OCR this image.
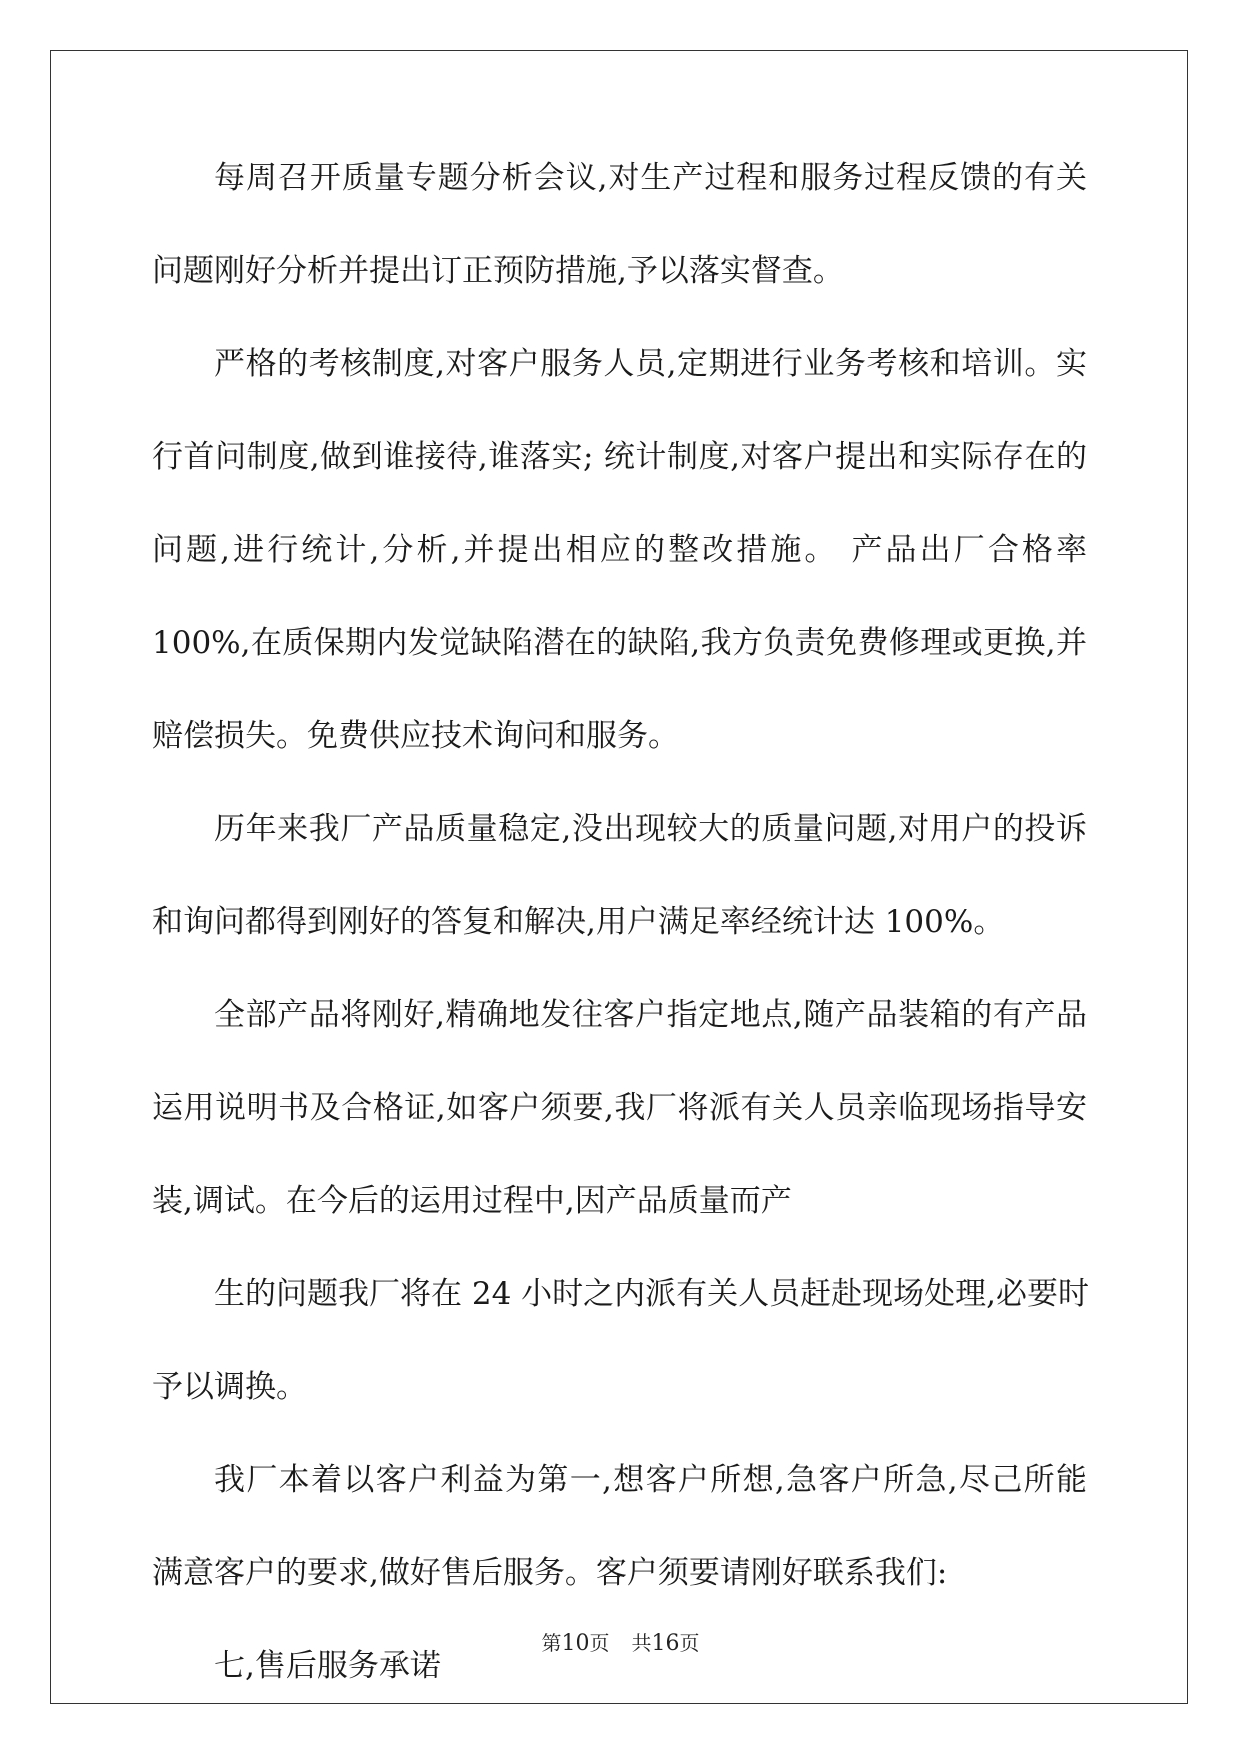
每周召开质量专题分析会议,对生产过程和服务过程反馈的有关
问题刚好分析并提出订正预防措施,予以落实督查。
严格的考核制度,对客户服务人员,定期进行业务考核和培训。实
行首问制度,做到谁接待,谁落实; 统计制度,对客户提出和实际存在的
问题,进行统计,分析,并提出相应的整改措施。 产品出厂合格率
100%,在质保期内发觉缺陷潜在的缺陷,我方负责免费修理或更换,并
赔偿损失。免费供应技术询问和服务。
历年来我厂产品质量稳定,没出现较大的质量问题,对用户的投诉
和询问都得到刚好的答复和解决,用户满足率经统计达 100%。
全部产品将刚好,精确地发往客户指定地点,随产品装箱的有产品
运用说明书及合格证,如客户须要,我厂将派有关人员亲临现场指导安
装,调试。在今后的运用过程中,因产品质量而产
生的问题我厂将在 24 小时之内派有关人员赶赴现场处理,必要时
予以调换。
我厂本着以客户利益为第一,想客户所想,急客户所急,尽己所能
满意客户的要求,做好售后服务。客户须要请刚好联系我们:
七,售后服务承诺
第10页 共16页
